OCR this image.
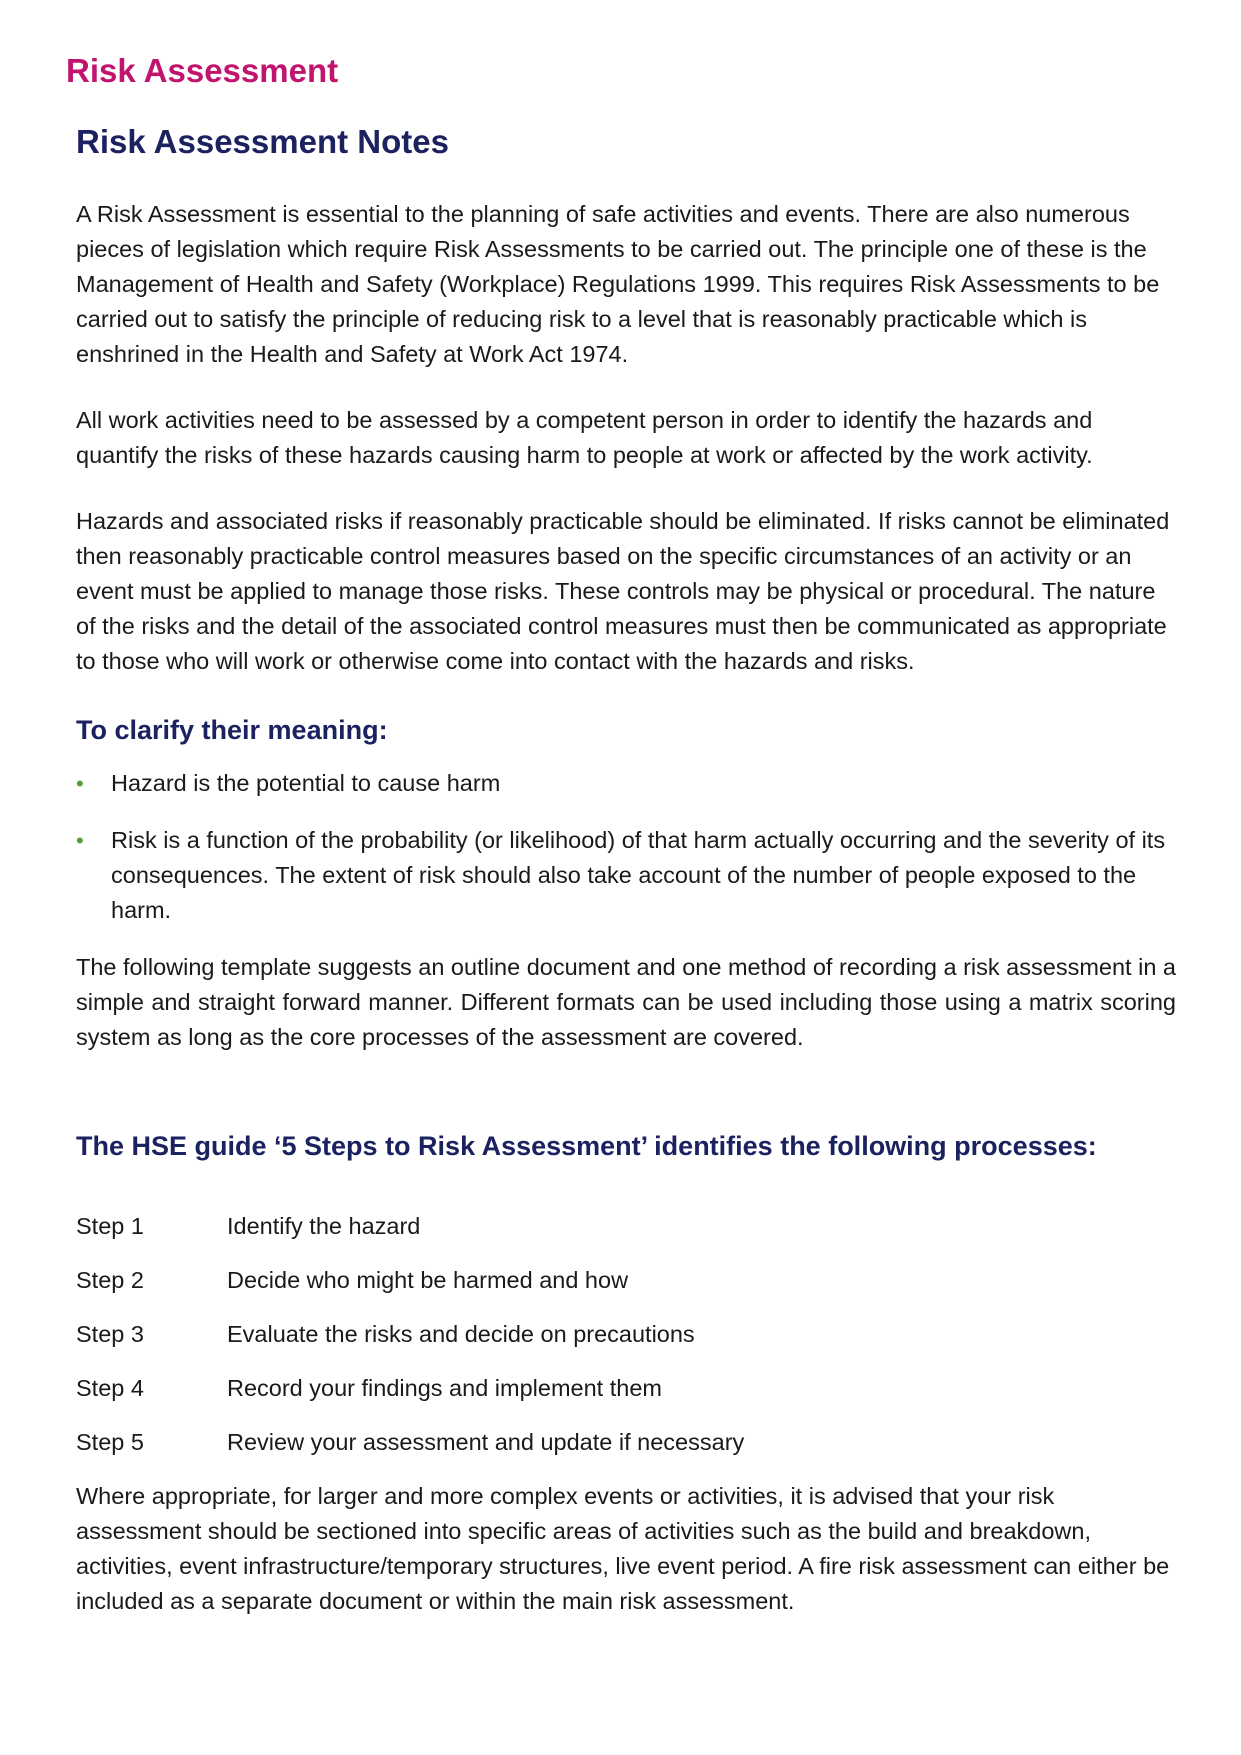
Risk Assessment
Risk Assessment Notes

A Risk Assessment is essential to the planning of safe activities and events. There are also numerous pieces of legislation which require Risk Assessments to be carried out. The principle one of these is the Management of Health and Safety (Workplace) Regulations 1999. This requires Risk Assessments to be carried out to satisfy the principle of reducing risk to a level that is reasonably practicable which is enshrined in the Health and Safety at Work Act 1974.

All work activities need to be assessed by a competent person in order to identify the hazards and quantify the risks of these hazards causing harm to people at work or affected by the work activity.

Hazards and associated risks if reasonably practicable should be eliminated. If risks cannot be eliminated then reasonably practicable control measures based on the specific circumstances of an activity or an event must be applied to manage those risks. These controls may be physical or procedural. The nature of the risks and the detail of the associated control measures must then be communicated as appropriate to those who will work or otherwise come into contact with the hazards and risks.

To clarify their meaning:
• Hazard is the potential to cause harm
• Risk is a function of the probability (or likelihood) of that harm actually occurring and the severity of its consequences. The extent of risk should also take account of the number of people exposed to the harm.

The following template suggests an outline document and one method of recording a risk assessment in a simple and straight forward manner. Different formats can be used including those using a matrix scoring system as long as the core processes of the assessment are covered.

The HSE guide ‘5 Steps to Risk Assessment’ identifies the following processes:
Step 1	Identify the hazard
Step 2	Decide who might be harmed and how
Step 3	Evaluate the risks and decide on precautions
Step 4	Record your findings and implement them
Step 5	Review your assessment and update if necessary

Where appropriate, for larger and more complex events or activities, it is advised that your risk assessment should be sectioned into specific areas of activities such as the build and breakdown, activities, event infrastructure/temporary structures, live event period. A fire risk assessment can either be included as a separate document or within the main risk assessment.
